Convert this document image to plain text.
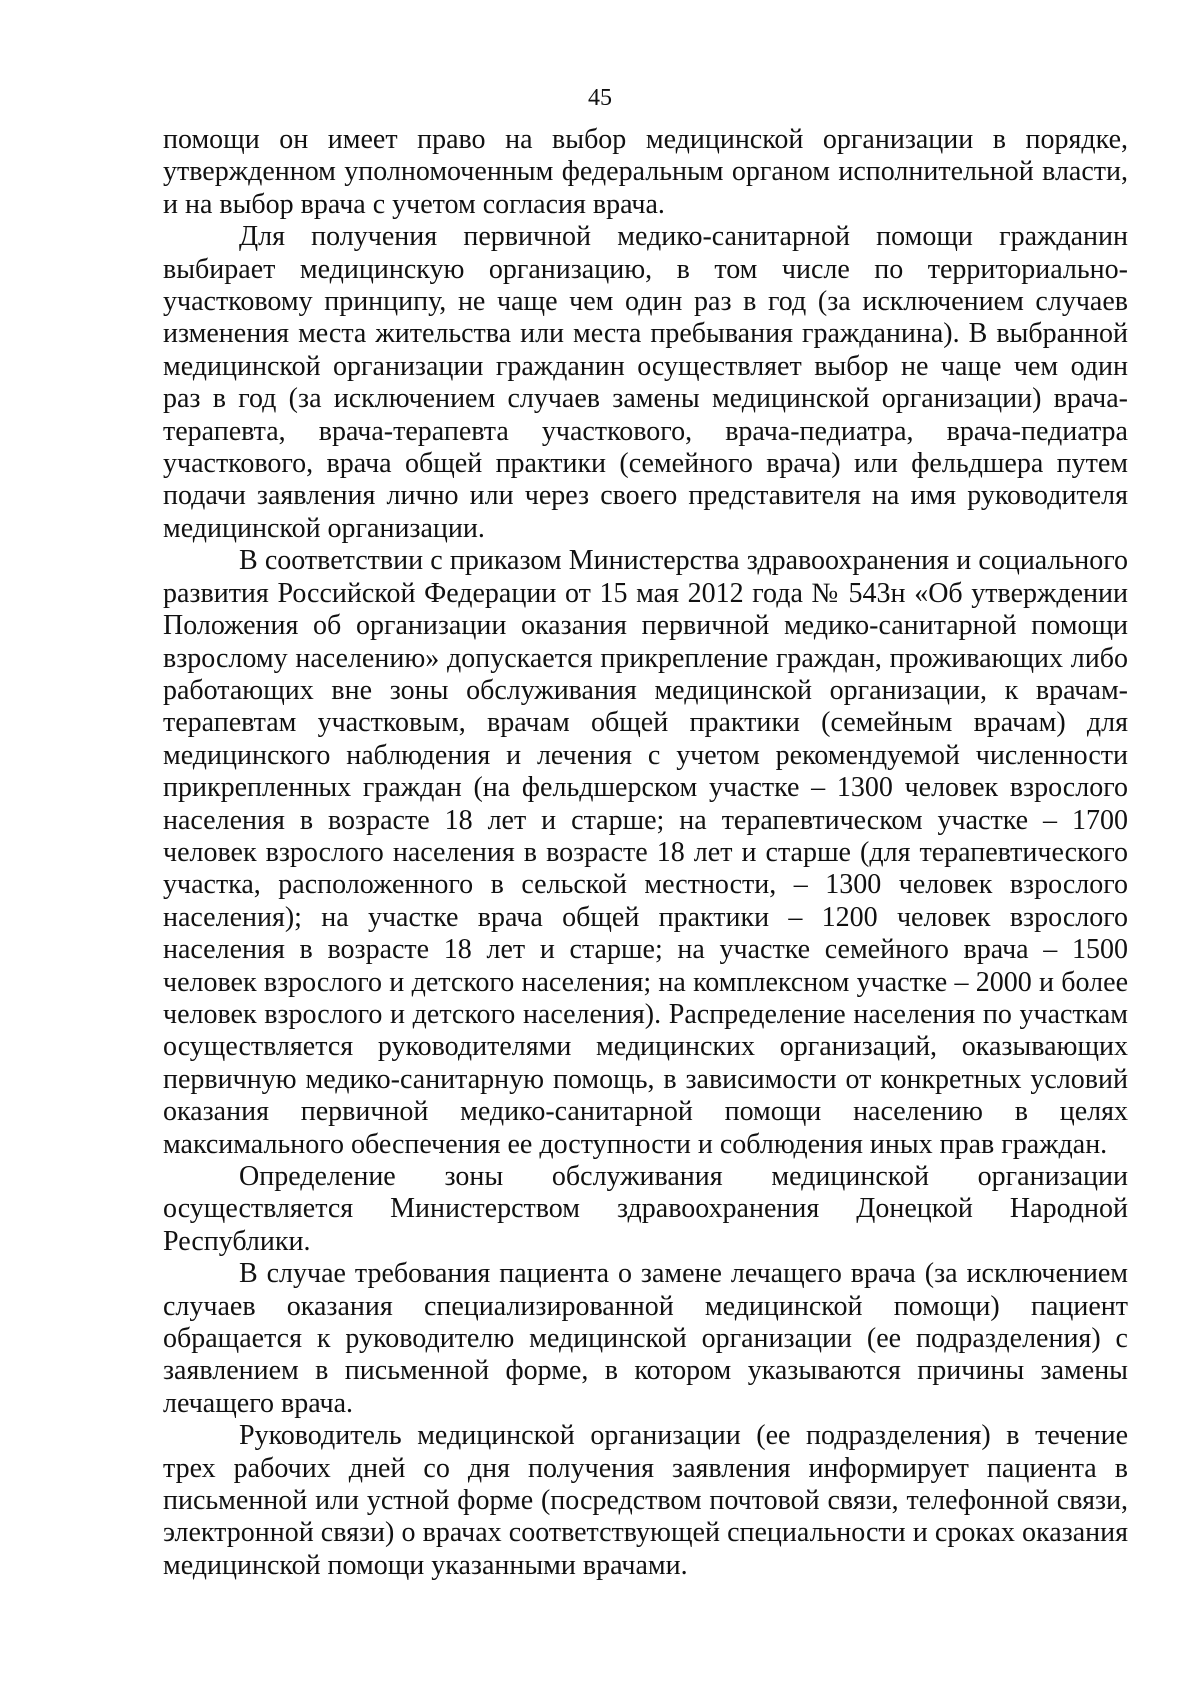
45

помощи он имеет право на выбор медицинской организации в порядке, утвержденном уполномоченным федеральным органом исполнительной власти, и на выбор врача с учетом согласия врача.

Для получения первичной медико-санитарной помощи гражданин выбирает медицинскую организацию, в том числе по территориально-участковому принципу, не чаще чем один раз в год (за исключением случаев изменения места жительства или места пребывания гражданина). В выбранной медицинской организации гражданин осуществляет выбор не чаще чем один раз в год (за исключением случаев замены медицинской организации) врача-терапевта, врача-терапевта участкового, врача-педиатра, врача-педиатра участкового, врача общей практики (семейного врача) или фельдшера путем подачи заявления лично или через своего представителя на имя руководителя медицинской организации.

В соответствии с приказом Министерства здравоохранения и социального развития Российской Федерации от 15 мая 2012 года № 543н «Об утверждении Положения об организации оказания первичной медико-санитарной помощи взрослому населению» допускается прикрепление граждан, проживающих либо работающих вне зоны обслуживания медицинской организации, к врачам-терапевтам участковым, врачам общей практики (семейным врачам) для медицинского наблюдения и лечения с учетом рекомендуемой численности прикрепленных граждан (на фельдшерском участке – 1300 человек взрослого населения в возрасте 18 лет и старше; на терапевтическом участке – 1700 человек взрослого населения в возрасте 18 лет и старше (для терапевтического участка, расположенного в сельской местности, – 1300 человек взрослого населения); на участке врача общей практики – 1200 человек взрослого населения в возрасте 18 лет и старше; на участке семейного врача – 1500 человек взрослого и детского населения; на комплексном участке – 2000 и более человек взрослого и детского населения). Распределение населения по участкам осуществляется руководителями медицинских организаций, оказывающих первичную медико-санитарную помощь, в зависимости от конкретных условий оказания первичной медико-санитарной помощи населению в целях максимального обеспечения ее доступности и соблюдения иных прав граждан.

Определение зоны обслуживания медицинской организации осуществляется Министерством здравоохранения Донецкой Народной Республики.

В случае требования пациента о замене лечащего врача (за исключением случаев оказания специализированной медицинской помощи) пациент обращается к руководителю медицинской организации (ее подразделения) с заявлением в письменной форме, в котором указываются причины замены лечащего врача.

Руководитель медицинской организации (ее подразделения) в течение трех рабочих дней со дня получения заявления информирует пациента в письменной или устной форме (посредством почтовой связи, телефонной связи, электронной связи) о врачах соответствующей специальности и сроках оказания медицинской помощи указанными врачами.
